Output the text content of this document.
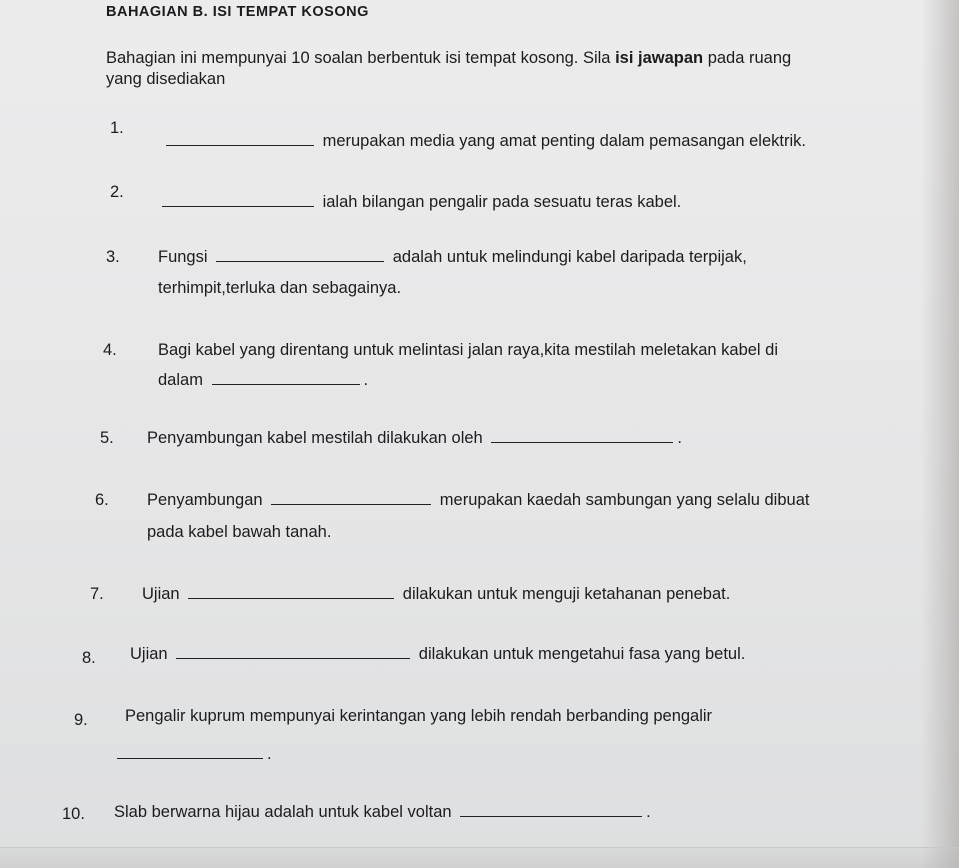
BAHAGIAN B. ISI TEMPAT KOSONG
Bahagian ini mempunyai 10 soalan berbentuk isi tempat kosong. Sila isi jawapan pada ruang
yang disediakan
1.
merupakan media yang amat penting dalam pemasangan elektrik.
2.
ialah bilangan pengalir pada sesuatu teras kabel.
3. Fungsi	adalah untuk melindungi kabel daripada terpijak,
terhimpit,terluka dan sebagainya.
4. Bagi kabel yang direntang untuk melintasi jalan raya,kita mestilah meletakan kabel di
dalam	.
5. Penyambungan kabel mestilah dilakukan oleh	.
6. Penyambungan	merupakan kaedah sambungan yang selalu dibuat
pada kabel bawah tanah.
7. Ujian	dilakukan untuk menguji ketahanan penebat.
8. Ujian	dilakukan untuk mengetahui fasa yang betul.
9. Pengalir kuprum mempunyai kerintangan yang lebih rendah berbanding pengalir
.
10. Slab berwarna hijau adalah untuk kabel voltan	.
